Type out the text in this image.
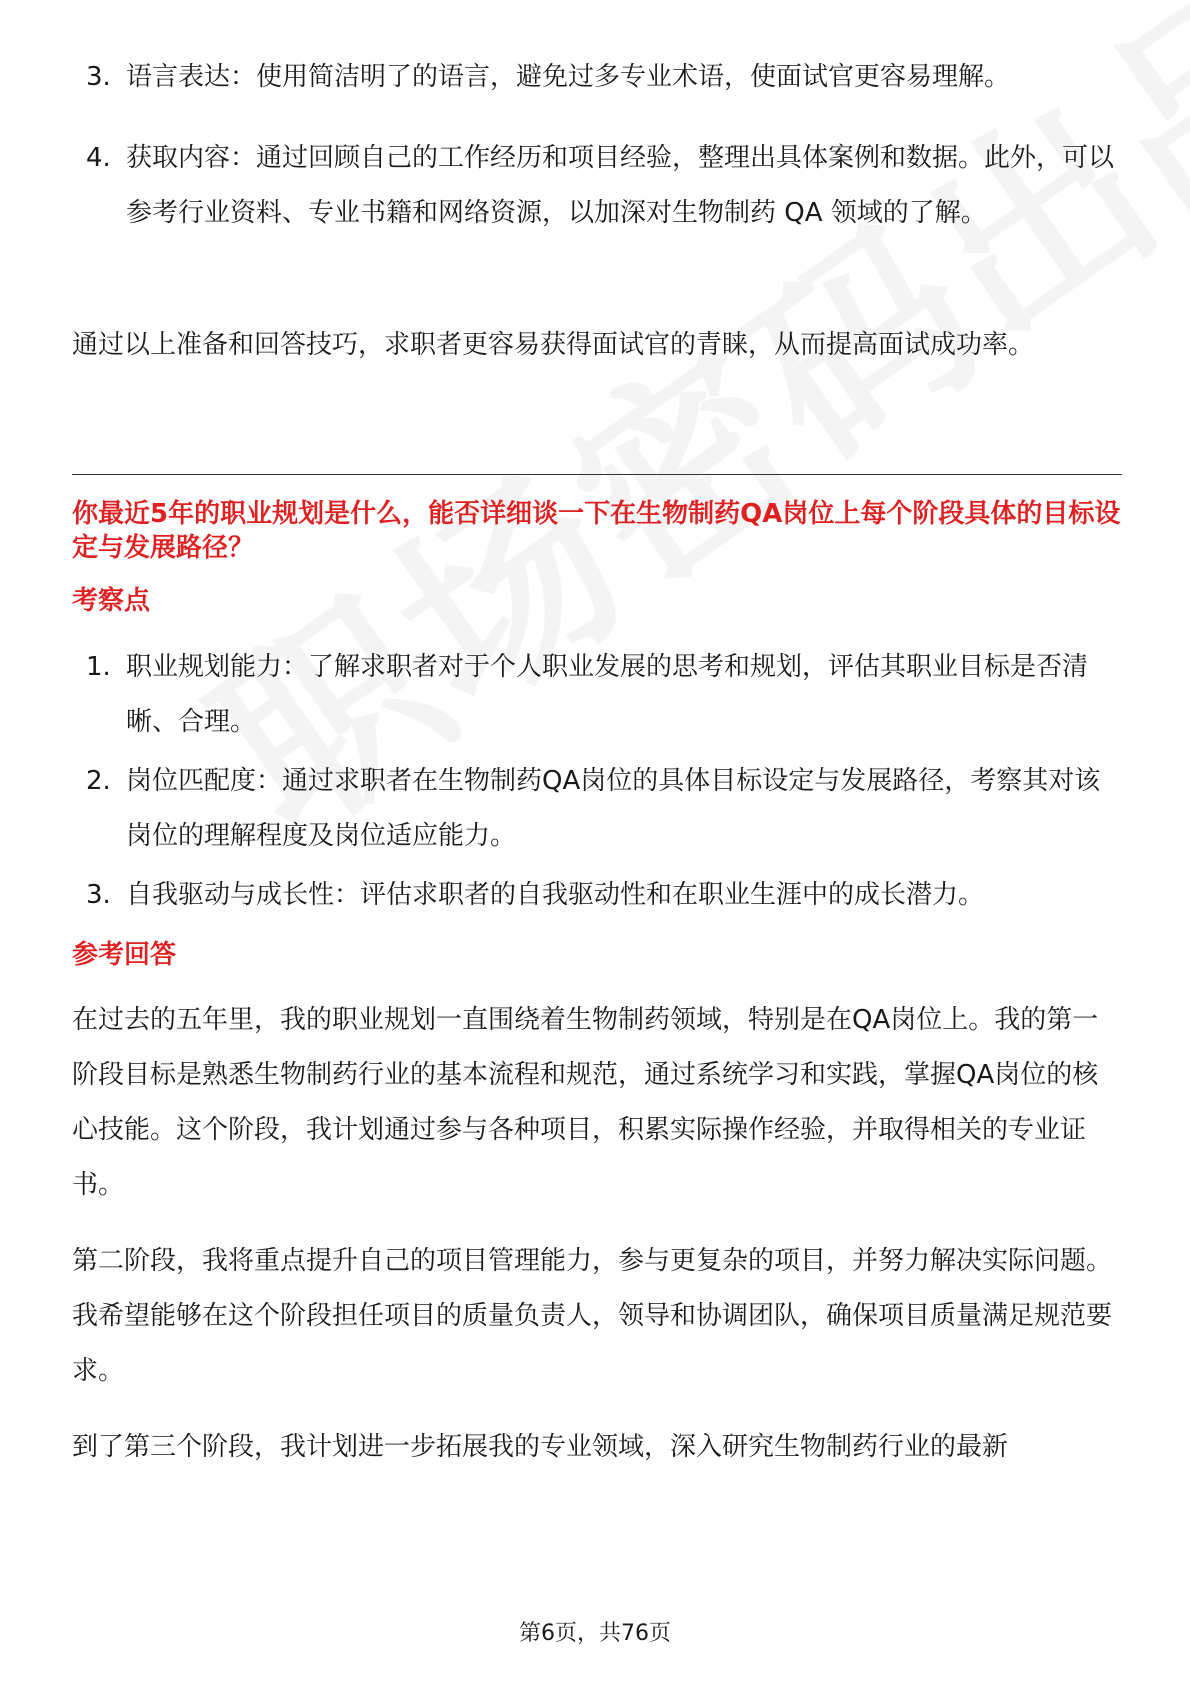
3. 语言表达：使用简洁明了的语言，避免过多专业术语，使面试官更容易理解。
4. 获取内容：通过回顾自己的工作经历和项目经验，整理出具体案例和数据。此外，可以参考行业资料、专业书籍和网络资源，以加深对生物制药 QA 领域的了解。
通过以上准备和回答技巧，求职者更容易获得面试官的青睐，从而提高面试成功率。
你最近5年的职业规划是什么，能否详细谈一下在生物制药QA岗位上每个阶段具体的目标设定与发展路径？
考察点
1. 职业规划能力：了解求职者对于个人职业发展的思考和规划，评估其职业目标是否清晰、合理。
2. 岗位匹配度：通过求职者在生物制药QA岗位的具体目标设定与发展路径，考察其对该岗位的理解程度及岗位适应能力。
3. 自我驱动与成长性：评估求职者的自我驱动性和在职业生涯中的成长潜力。
参考回答
在过去的五年里，我的职业规划一直围绕着生物制药领域，特别是在QA岗位上。我的第一阶段目标是熟悉生物制药行业的基本流程和规范，通过系统学习和实践，掌握QA岗位的核心技能。这个阶段，我计划通过参与各种项目，积累实际操作经验，并取得相关的专业证书。
第二阶段，我将重点提升自己的项目管理能力，参与更复杂的项目，并努力解决实际问题。我希望能够在这个阶段担任项目的质量负责人，领导和协调团队，确保项目质量满足规范要求。
到了第三个阶段，我计划进一步拓展我的专业领域，深入研究生物制药行业的最新
第6页，共76页
